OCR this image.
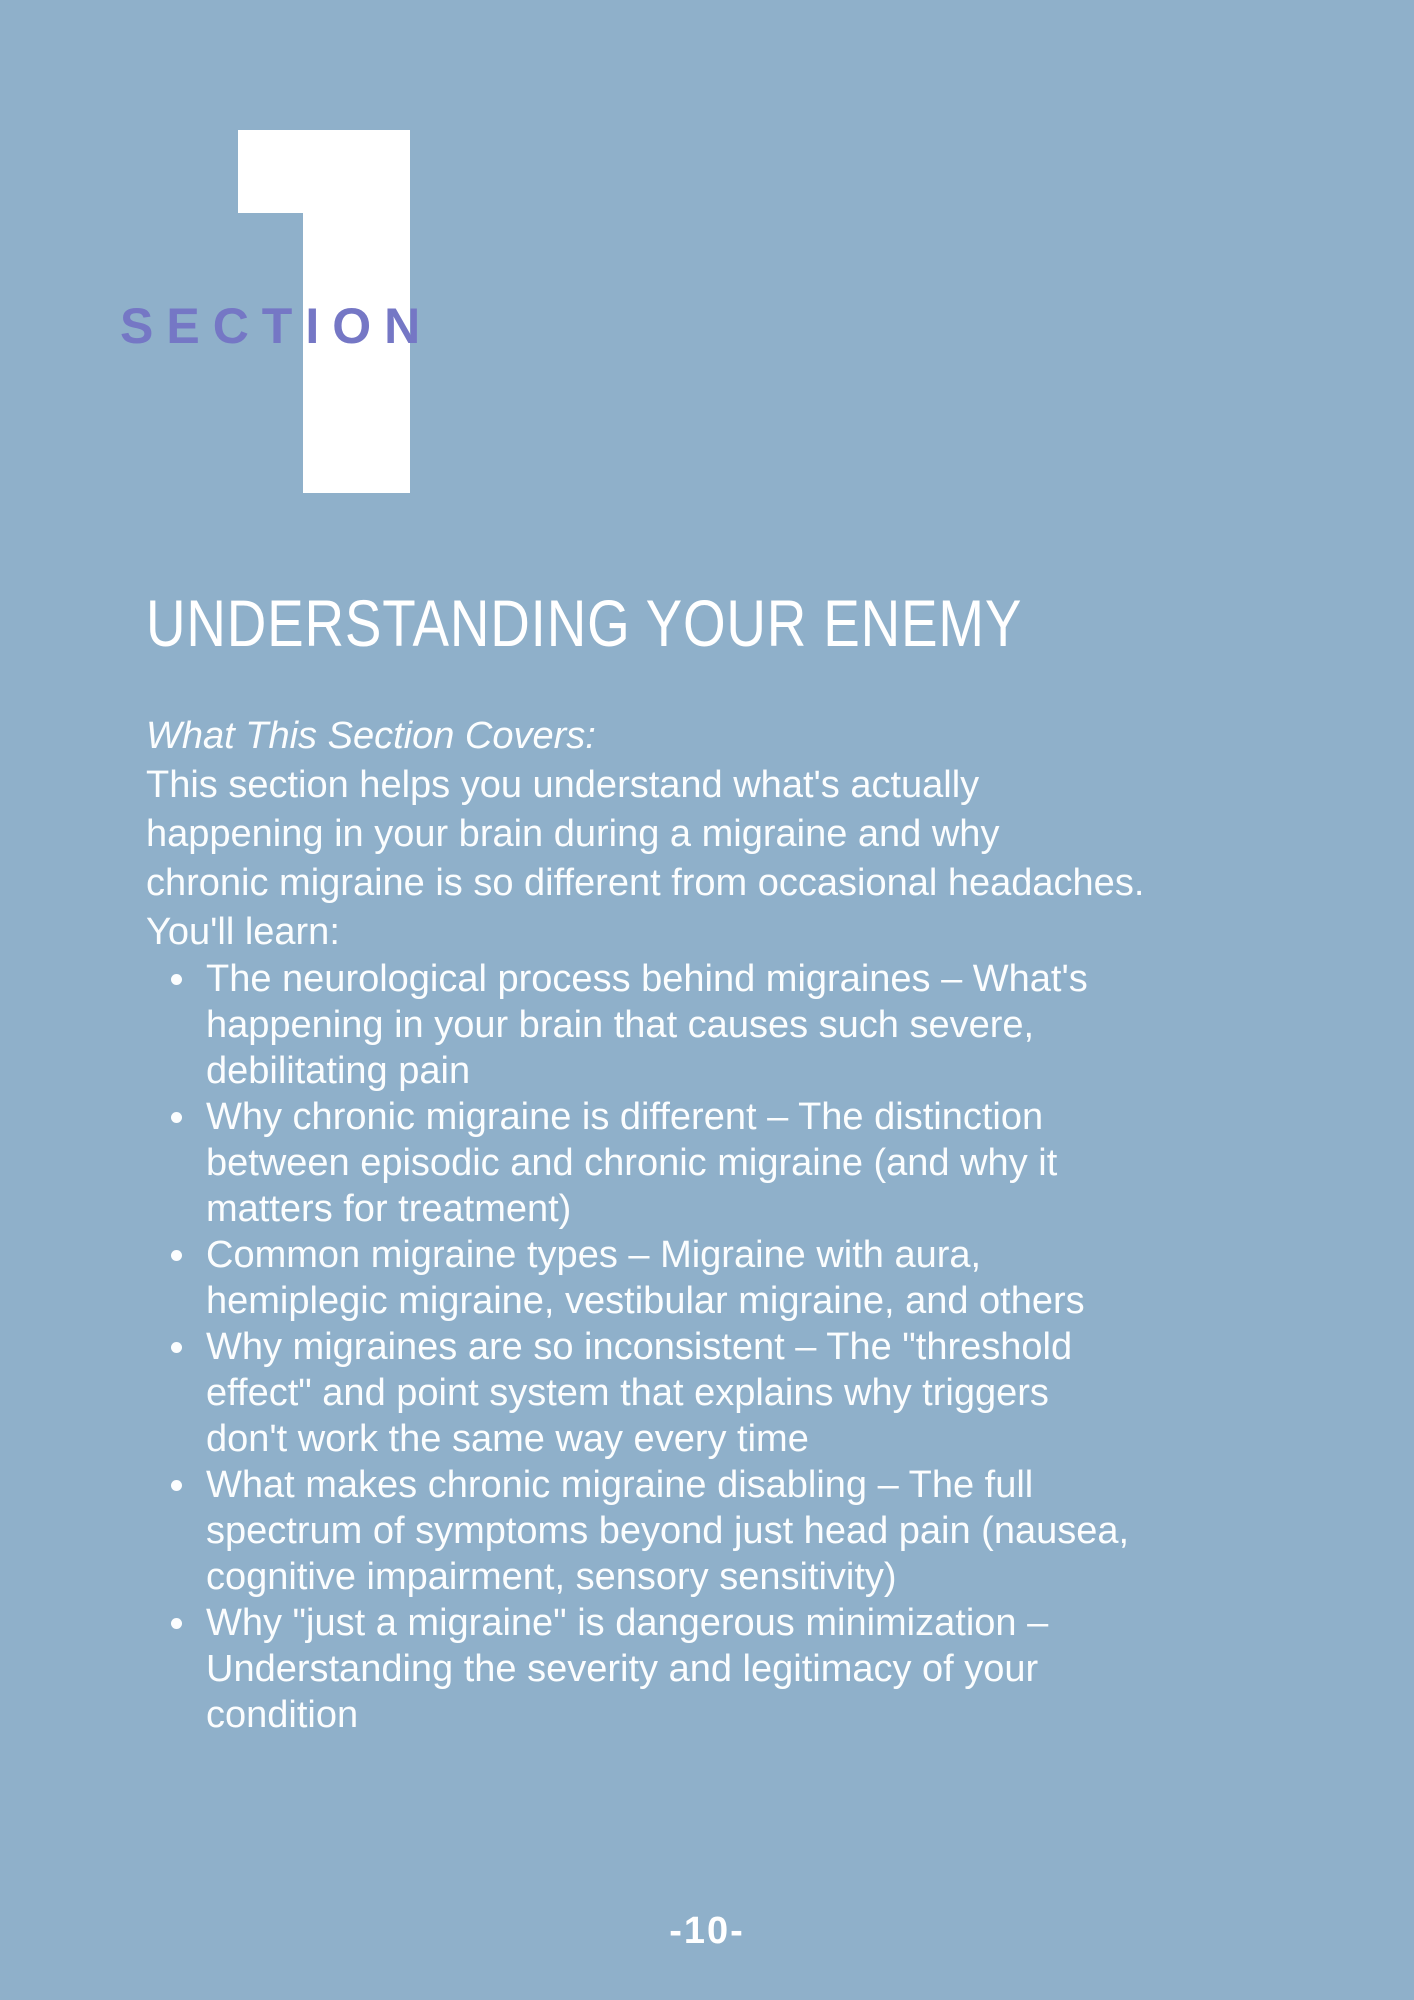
SECTION
UNDERSTANDING YOUR ENEMY
What This Section Covers:
This section helps you understand what's actually
happening in your brain during a migraine and why
chronic migraine is so different from occasional headaches.
You'll learn:
The neurological process behind migraines – What's
happening in your brain that causes such severe,
debilitating pain
Why chronic migraine is different – The distinction
between episodic and chronic migraine (and why it
matters for treatment)
Common migraine types – Migraine with aura,
hemiplegic migraine, vestibular migraine, and others
Why migraines are so inconsistent – The "threshold
effect" and point system that explains why triggers
don't work the same way every time
What makes chronic migraine disabling – The full
spectrum of symptoms beyond just head pain (nausea,
cognitive impairment, sensory sensitivity)
Why "just a migraine" is dangerous minimization –
Understanding the severity and legitimacy of your
condition
-10-
